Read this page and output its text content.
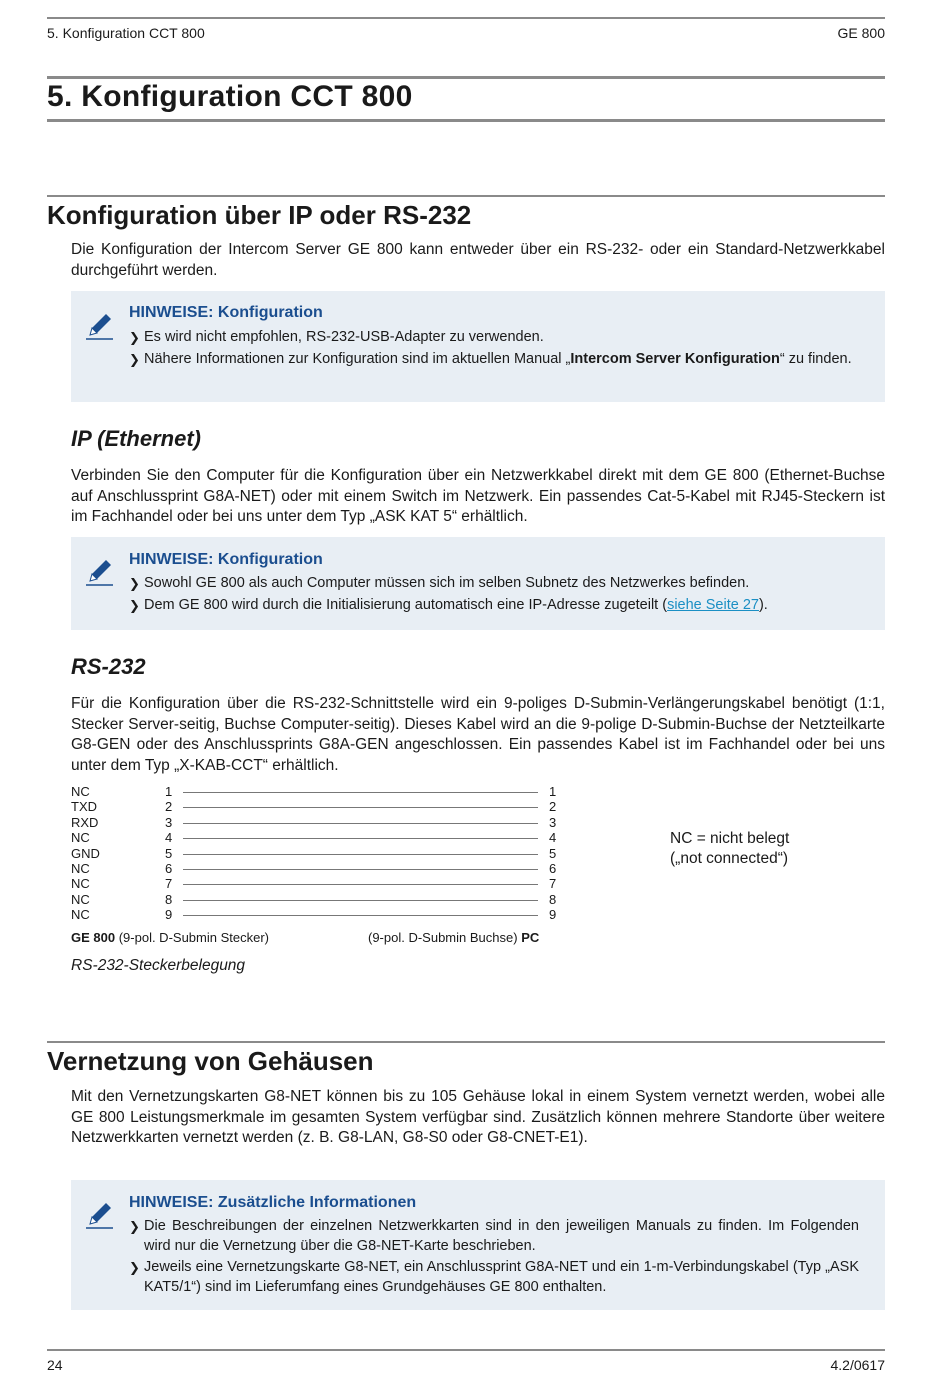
5. Konfiguration CCT 800	GE 800
5. Konfiguration CCT 800
Konfiguration über IP oder RS-232

Die Konfiguration der Intercom Server GE 800 kann entweder über ein RS-232- oder ein Standard-Netzwerkkabel durchgeführt werden.

HINWEISE: Konfiguration
❯ Es wird nicht empfohlen, RS-232-USB-Adapter zu verwenden.
❯ Nähere Informationen zur Konfiguration sind im aktuellen Manual „Intercom Server Konfiguration“ zu finden.
IP (Ethernet)

Verbinden Sie den Computer für die Konfiguration über ein Netzwerkkabel direkt mit dem GE 800 (Ethernet-Buchse auf Anschlussprint G8A-NET) oder mit einem Switch im Netzwerk. Ein passendes Cat-5-Kabel mit RJ45-Steckern ist im Fachhandel oder bei uns unter dem Typ „ASK KAT 5“ erhältlich.

HINWEISE: Konfiguration
❯ Sowohl GE 800 als auch Computer müssen sich im selben Subnetz des Netzwerkes befinden.
❯ Dem GE 800 wird durch die Initialisierung automatisch eine IP-Adresse zugeteilt (siehe Seite 27).
RS-232

Für die Konfiguration über die RS-232-Schnittstelle wird ein 9-poliges D-Submin-Verlängerungskabel benötigt (1:1, Stecker Server-seitig, Buchse Computer-seitig). Dieses Kabel wird an die 9-polige D-Submin-Buchse der Netzteilkarte G8-GEN oder des Anschlussprints G8A-GEN angeschlossen. Ein passendes Kabel ist im Fachhandel oder bei uns unter dem Typ „X-KAB-CCT“ erhältlich.

NC	1	1
TXD	2	2
RXD	3	3
NC	4	4
GND	5	5
NC	6	6
NC	7	7
NC	8	8
NC	9	9
GE 800 (9-pol. D-Submin Stecker)	(9-pol. D-Submin Buchse) PC
RS-232-Steckerbelegung
NC = nicht belegt
(„not connected“)
Vernetzung von Gehäusen

Mit den Vernetzungskarten G8-NET können bis zu 105 Gehäuse lokal in einem System vernetzt werden, wobei alle GE 800 Leistungsmerkmale im gesamten System verfügbar sind. Zusätzlich können mehrere Standorte über weitere Netzwerkkarten vernetzt werden (z. B. G8-LAN, G8-S0 oder G8-CNET-E1).

HINWEISE: Zusätzliche Informationen
❯ Die Beschreibungen der einzelnen Netzwerkkarten sind in den jeweiligen Manuals zu finden. Im Folgenden wird nur die Vernetzung über die G8-NET-Karte beschrieben.
❯ Jeweils eine Vernetzungskarte G8-NET, ein Anschlussprint G8A-NET und ein 1-m-Verbindungskabel (Typ „ASK KAT5/1“) sind im Lieferumfang eines Grundgehäuses GE 800 enthalten.
24	4.2/0617
